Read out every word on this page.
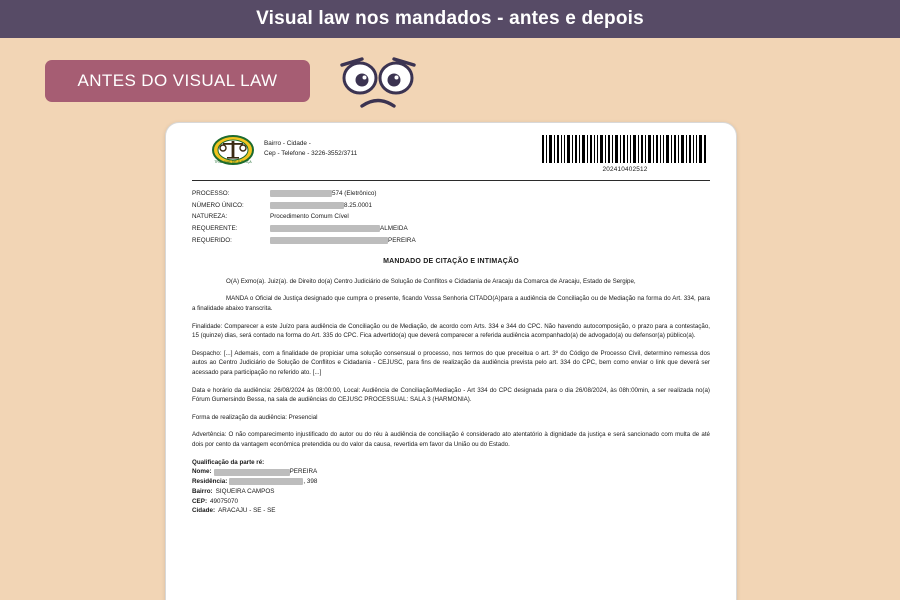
Visual law nos mandados - antes e depois
ANTES DO VISUAL LAW
TRIBUNAL DE JUSTIÇA
Bairro - Cidade -
Cep - Telefone - 3226-3552/3711
202410402512
PROCESSO:	574 (Eletrônico)
NÚMERO ÚNICO:	8.25.0001
NATUREZA:	Procedimento Comum Cível
REQUERENTE:	ALMEIDA
REQUERIDO:	PEREIRA
MANDADO DE CITAÇÃO E INTIMAÇÃO

O(A) Exmo(a). Juiz(a). de Direito do(a) Centro Judiciário de Solução de Conflitos e Cidadania de Aracaju da Comarca de Aracaju, Estado de Sergipe,

MANDA o Oficial de Justiça designado que cumpra o presente, ficando Vossa Senhoria CITADO(A)para a audiência de Conciliação ou de Mediação na forma do Art. 334, para a finalidade abaixo transcrita.

Finalidade: Comparecer a este Juízo para audiência de Conciliação ou de Mediação, de acordo com Arts. 334 e 344 do CPC. Não havendo autocomposição, o prazo para a contestação, 15 (quinze) dias, será contado na forma do Art. 335 do CPC. Fica advertido(a) que deverá comparecer a referida audiência acompanhado(a) de advogado(a) ou defensor(a) público(a).

Despacho: [...] Ademais, com a finalidade de propiciar uma solução consensual o processo, nos termos do que preceitua o art. 3º do Código de Processo Civil, determino remessa dos autos ao Centro Judiciário de Solução de Conflitos e Cidadania - CEJUSC, para fins de realização da audiência prevista pelo art. 334 do CPC, bem como enviar o link que deverá ser acessado para participação no referido ato. [...]

Data e horário da audiência: 26/08/2024 às 08:00:00, Local: Audiência de Conciliação/Mediação - Art 334 do CPC designada para o dia 26/08/2024, às 08h:00min, a ser realizada no(a) Fórum Gumersindo Bessa, na sala de audiências do CEJUSC PROCESSUAL: SALA 3 (HARMONIA).

Forma de realização da audiência: Presencial

Advertência: O não comparecimento injustificado do autor ou do réu à audiência de conciliação é considerado ato atentatório à dignidade da justiça e será sancionado com multa de até dois por cento da vantagem econômica pretendida ou do valor da causa, revertida em favor da União ou do Estado.

Qualificação da parte ré:
Nome:	PEREIRA
Residência:	, 398
Bairro: SIQUEIRA CAMPOS
CEP: 49075070
Cidade: ARACAJU - SE - SE
